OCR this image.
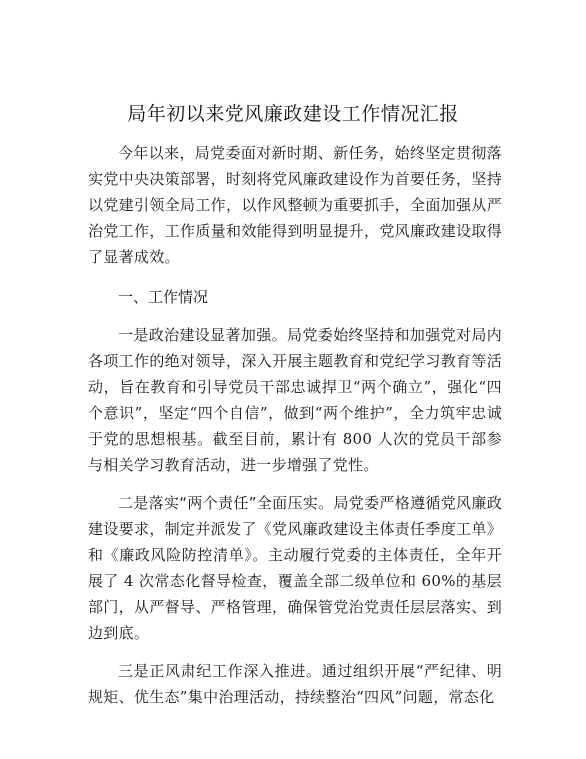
局年初以来党风廉政建设工作情况汇报

今年以来，局党委面对新时期、新任务，始终坚定贯彻落实党中央决策部署，时刻将党风廉政建设作为首要任务，坚持以党建引领全局工作，以作风整顿为重要抓手，全面加强从严治党工作，工作质量和效能得到明显提升，党风廉政建设取得了显著成效。

一、工作情况

一是政治建设显著加强。局党委始终坚持和加强党对局内各项工作的绝对领导，深入开展主题教育和党纪学习教育等活动，旨在教育和引导党员干部忠诚捍卫“两个确立”，强化“四个意识”，坚定“四个自信”，做到“两个维护”，全力筑牢忠诚于党的思想根基。截至目前，累计有 800 人次的党员干部参与相关学习教育活动，进一步增强了党性。

二是落实“两个责任”全面压实。局党委严格遵循党风廉政建设要求，制定并派发了《党风廉政建设主体责任季度工单》和《廉政风险防控清单》。主动履行党委的主体责任，全年开展了 4 次常态化督导检查，覆盖全部二级单位和 60%的基层部门，从严督导、严格管理，确保管党治党责任层层落实、到边到底。

三是正风肃纪工作深入推进。通过组织开展“严纪律、明规矩、优生态”集中治理活动，持续整治“四风”问题，常态化
